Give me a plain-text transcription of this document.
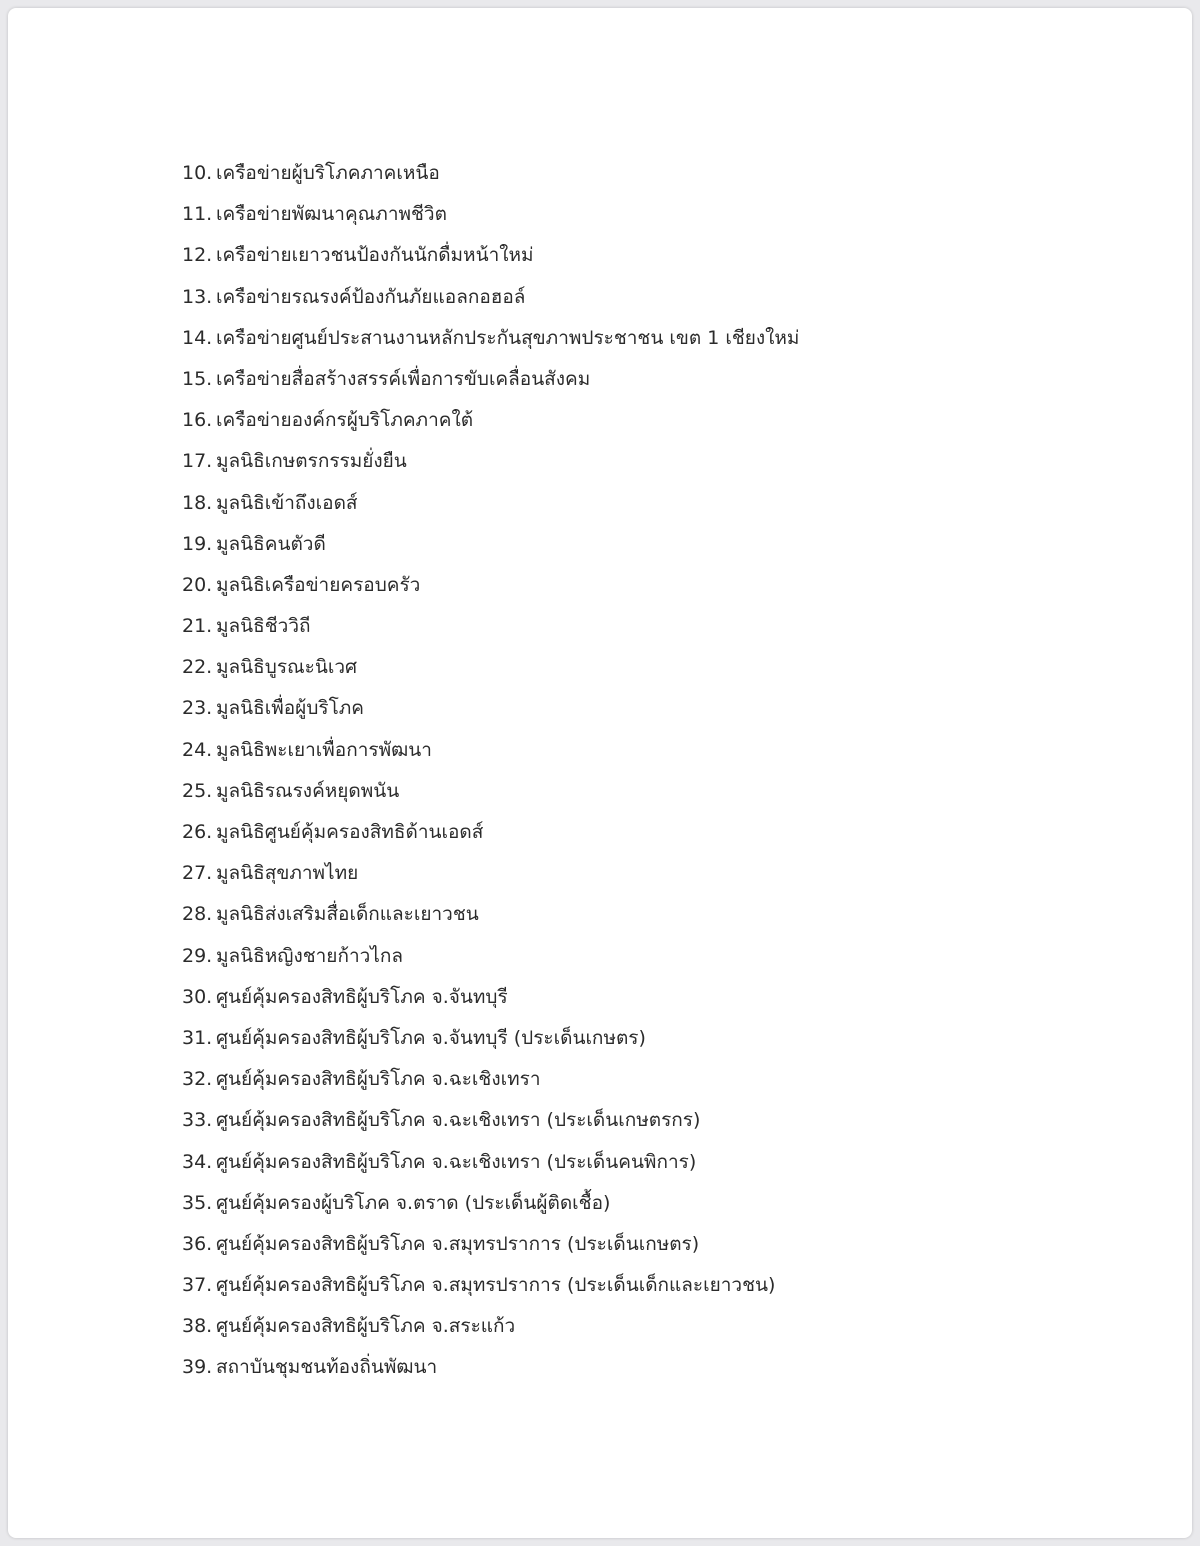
10. เครือข่ายผู้บริโภคภาคเหนือ
11. เครือข่ายพัฒนาคุณภาพชีวิต
12. เครือข่ายเยาวชนป้องกันนักดื่มหน้าใหม่
13. เครือข่ายรณรงค์ป้องกันภัยแอลกอฮอล์
14. เครือข่ายศูนย์ประสานงานหลักประกันสุขภาพประชาชน เขต 1 เชียงใหม่
15. เครือข่ายสื่อสร้างสรรค์เพื่อการขับเคลื่อนสังคม
16. เครือข่ายองค์กรผู้บริโภคภาคใต้
17. มูลนิธิเกษตรกรรมยั่งยืน
18. มูลนิธิเข้าถึงเอดส์
19. มูลนิธิคนตัวดี
20. มูลนิธิเครือข่ายครอบครัว
21. มูลนิธิชีววิถี
22. มูลนิธิบูรณะนิเวศ
23. มูลนิธิเพื่อผู้บริโภค
24. มูลนิธิพะเยาเพื่อการพัฒนา
25. มูลนิธิรณรงค์หยุดพนัน
26. มูลนิธิศูนย์คุ้มครองสิทธิด้านเอดส์
27. มูลนิธิสุขภาพไทย
28. มูลนิธิส่งเสริมสื่อเด็กและเยาวชน
29. มูลนิธิหญิงชายก้าวไกล
30. ศูนย์คุ้มครองสิทธิผู้บริโภค จ.จันทบุรี
31. ศูนย์คุ้มครองสิทธิผู้บริโภค จ.จันทบุรี (ประเด็นเกษตร)
32. ศูนย์คุ้มครองสิทธิผู้บริโภค จ.ฉะเชิงเทรา
33. ศูนย์คุ้มครองสิทธิผู้บริโภค จ.ฉะเชิงเทรา (ประเด็นเกษตรกร)
34. ศูนย์คุ้มครองสิทธิผู้บริโภค จ.ฉะเชิงเทรา (ประเด็นคนพิการ)
35. ศูนย์คุ้มครองผู้บริโภค จ.ตราด (ประเด็นผู้ติดเชื้อ)
36. ศูนย์คุ้มครองสิทธิผู้บริโภค จ.สมุทรปราการ (ประเด็นเกษตร)
37. ศูนย์คุ้มครองสิทธิผู้บริโภค จ.สมุทรปราการ (ประเด็นเด็กและเยาวชน)
38. ศูนย์คุ้มครองสิทธิผู้บริโภค จ.สระแก้ว
39. สถาบันชุมชนท้องถิ่นพัฒนา
